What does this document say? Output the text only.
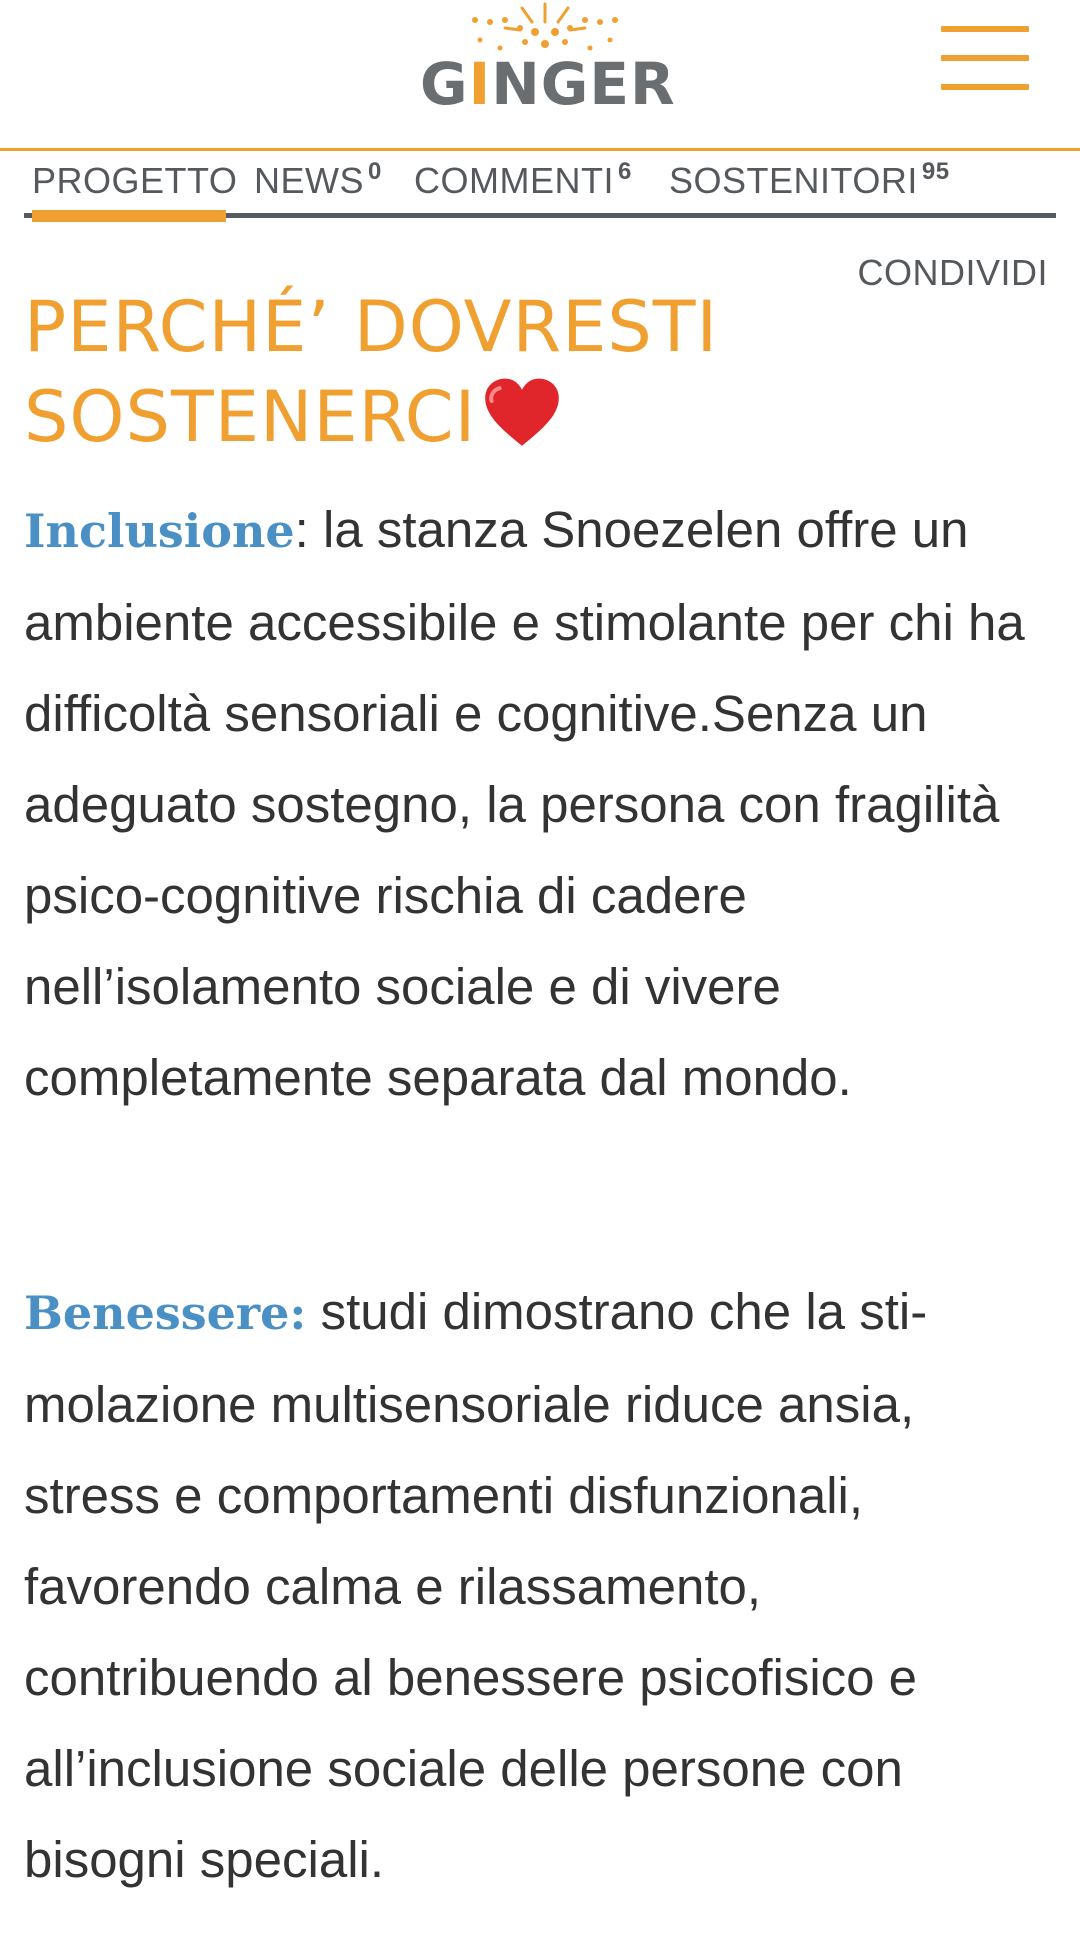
GINGER
PROGETTO NEWS $^0$ COMMENTI $^6$ SOSTENITORI $^{95}$
CONDIVIDI
PERCHÉ’ DOVRESTI
SOSTENERCI
Inclusione: la stanza Snoezelen offre un ambiente accessibile e stimolante per chi ha difficoltà sensoriali e cognitive.Senza un adeguato sostegno, la persona con fragilità psico-cognitive rischia di cadere nell’isolamento sociale e di vivere completamente separata dal mondo.
Benessere: studi dimostrano che la sti-molazione multisensoriale riduce ansia, stress e comportamenti disfunzionali, favorendo calma e rilassamento, contribuendo al benessere psicofisico e all’inclusione sociale delle persone con bisogni speciali.
